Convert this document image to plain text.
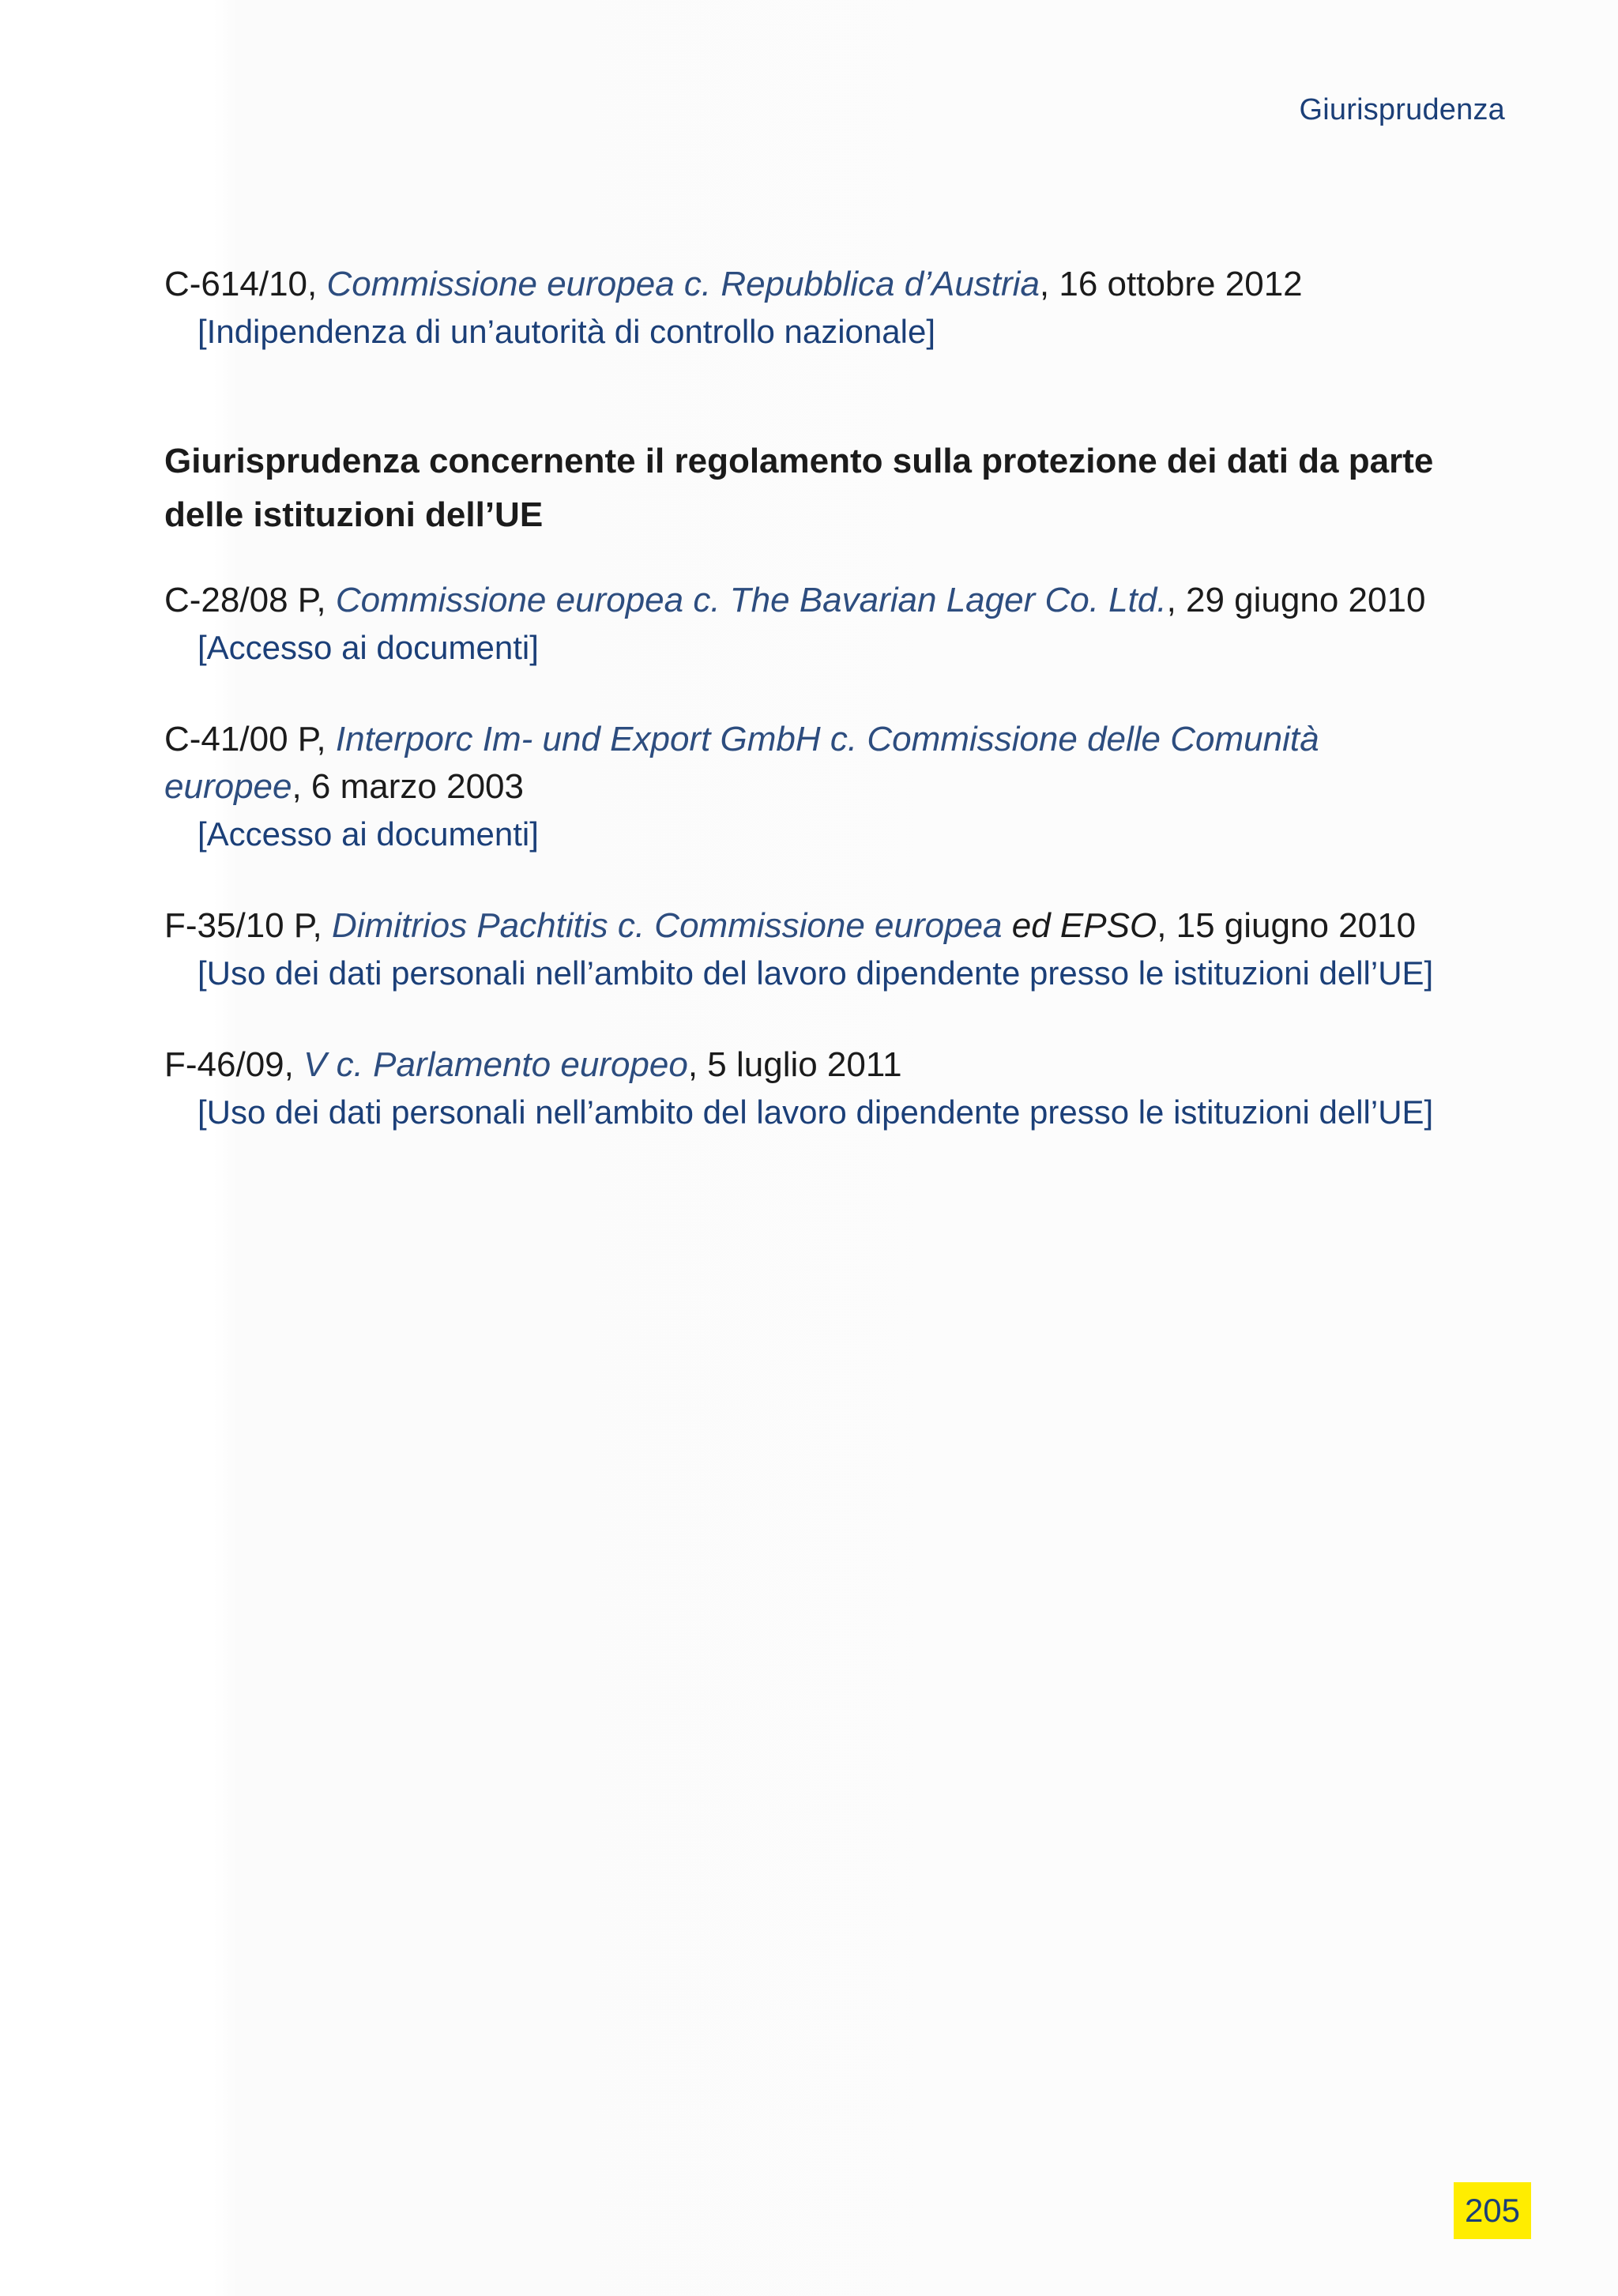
Giurisprudenza
C-614/10, Commissione europea c. Repubblica d’Austria, 16 ottobre 2012
[Indipendenza di un’autorità di controllo nazionale]
Giurisprudenza concernente il regolamento sulla protezione dei dati da parte delle istituzioni dell’UE
C-28/08 P, Commissione europea c. The Bavarian Lager Co. Ltd., 29 giugno 2010
[Accesso ai documenti]
C-41/00 P, Interporc Im- und Export GmbH c. Commissione delle Comunità europee, 6 marzo 2003
[Accesso ai documenti]
F-35/10 P, Dimitrios Pachtitis c. Commissione europea ed EPSO, 15 giugno 2010
[Uso dei dati personali nell’ambito del lavoro dipendente presso le istituzioni dell’UE]
F-46/09, V c. Parlamento europeo, 5 luglio 2011
[Uso dei dati personali nell’ambito del lavoro dipendente presso le istituzioni dell’UE]
205
